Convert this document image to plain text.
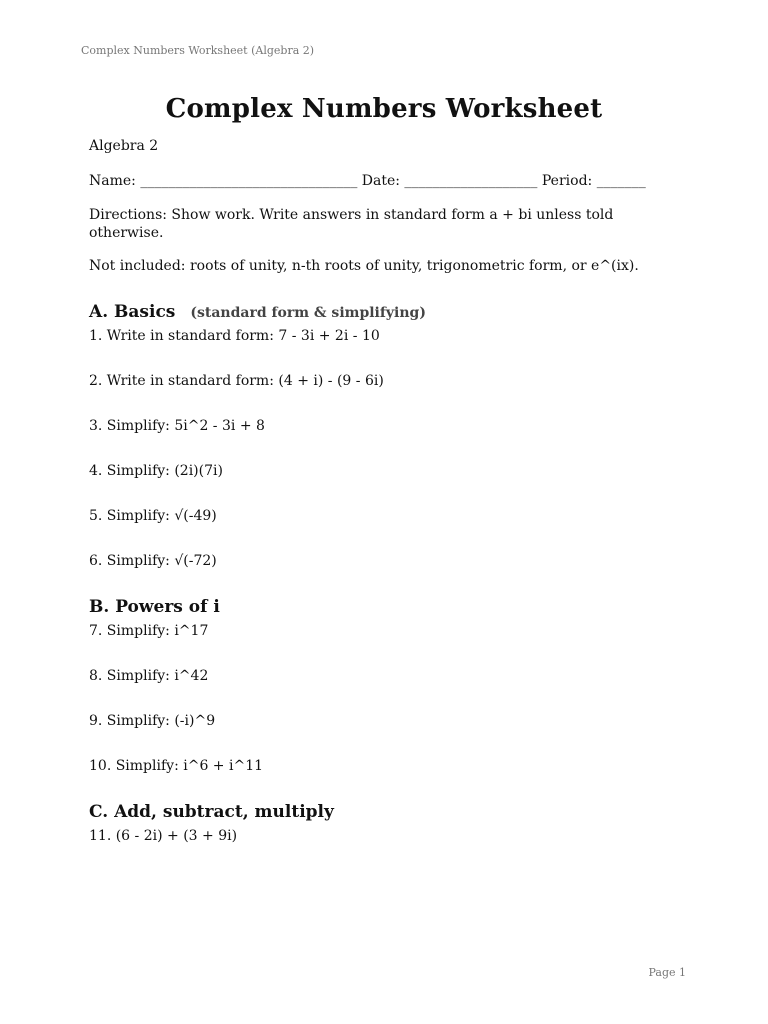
Complex Numbers Worksheet (Algebra 2)
Complex Numbers Worksheet
Algebra 2
Name: _______________________________ Date: ___________________ Period: _______
Directions: Show work. Write answers in standard form a + bi unless told otherwise.
Not included: roots of unity, n-th roots of unity, trigonometric form, or e^(ix).
A. Basics (standard form & simplifying)
1. Write in standard form: 7 - 3i + 2i - 10
2. Write in standard form: (4 + i) - (9 - 6i)
3. Simplify: 5i^2 - 3i + 8
4. Simplify: (2i)(7i)
5. Simplify: √(-49)
6. Simplify: √(-72)
B. Powers of i
7. Simplify: i^17
8. Simplify: i^42
9. Simplify: (-i)^9
10. Simplify: i^6 + i^11
C. Add, subtract, multiply
11. (6 - 2i) + (3 + 9i)
Page 1
